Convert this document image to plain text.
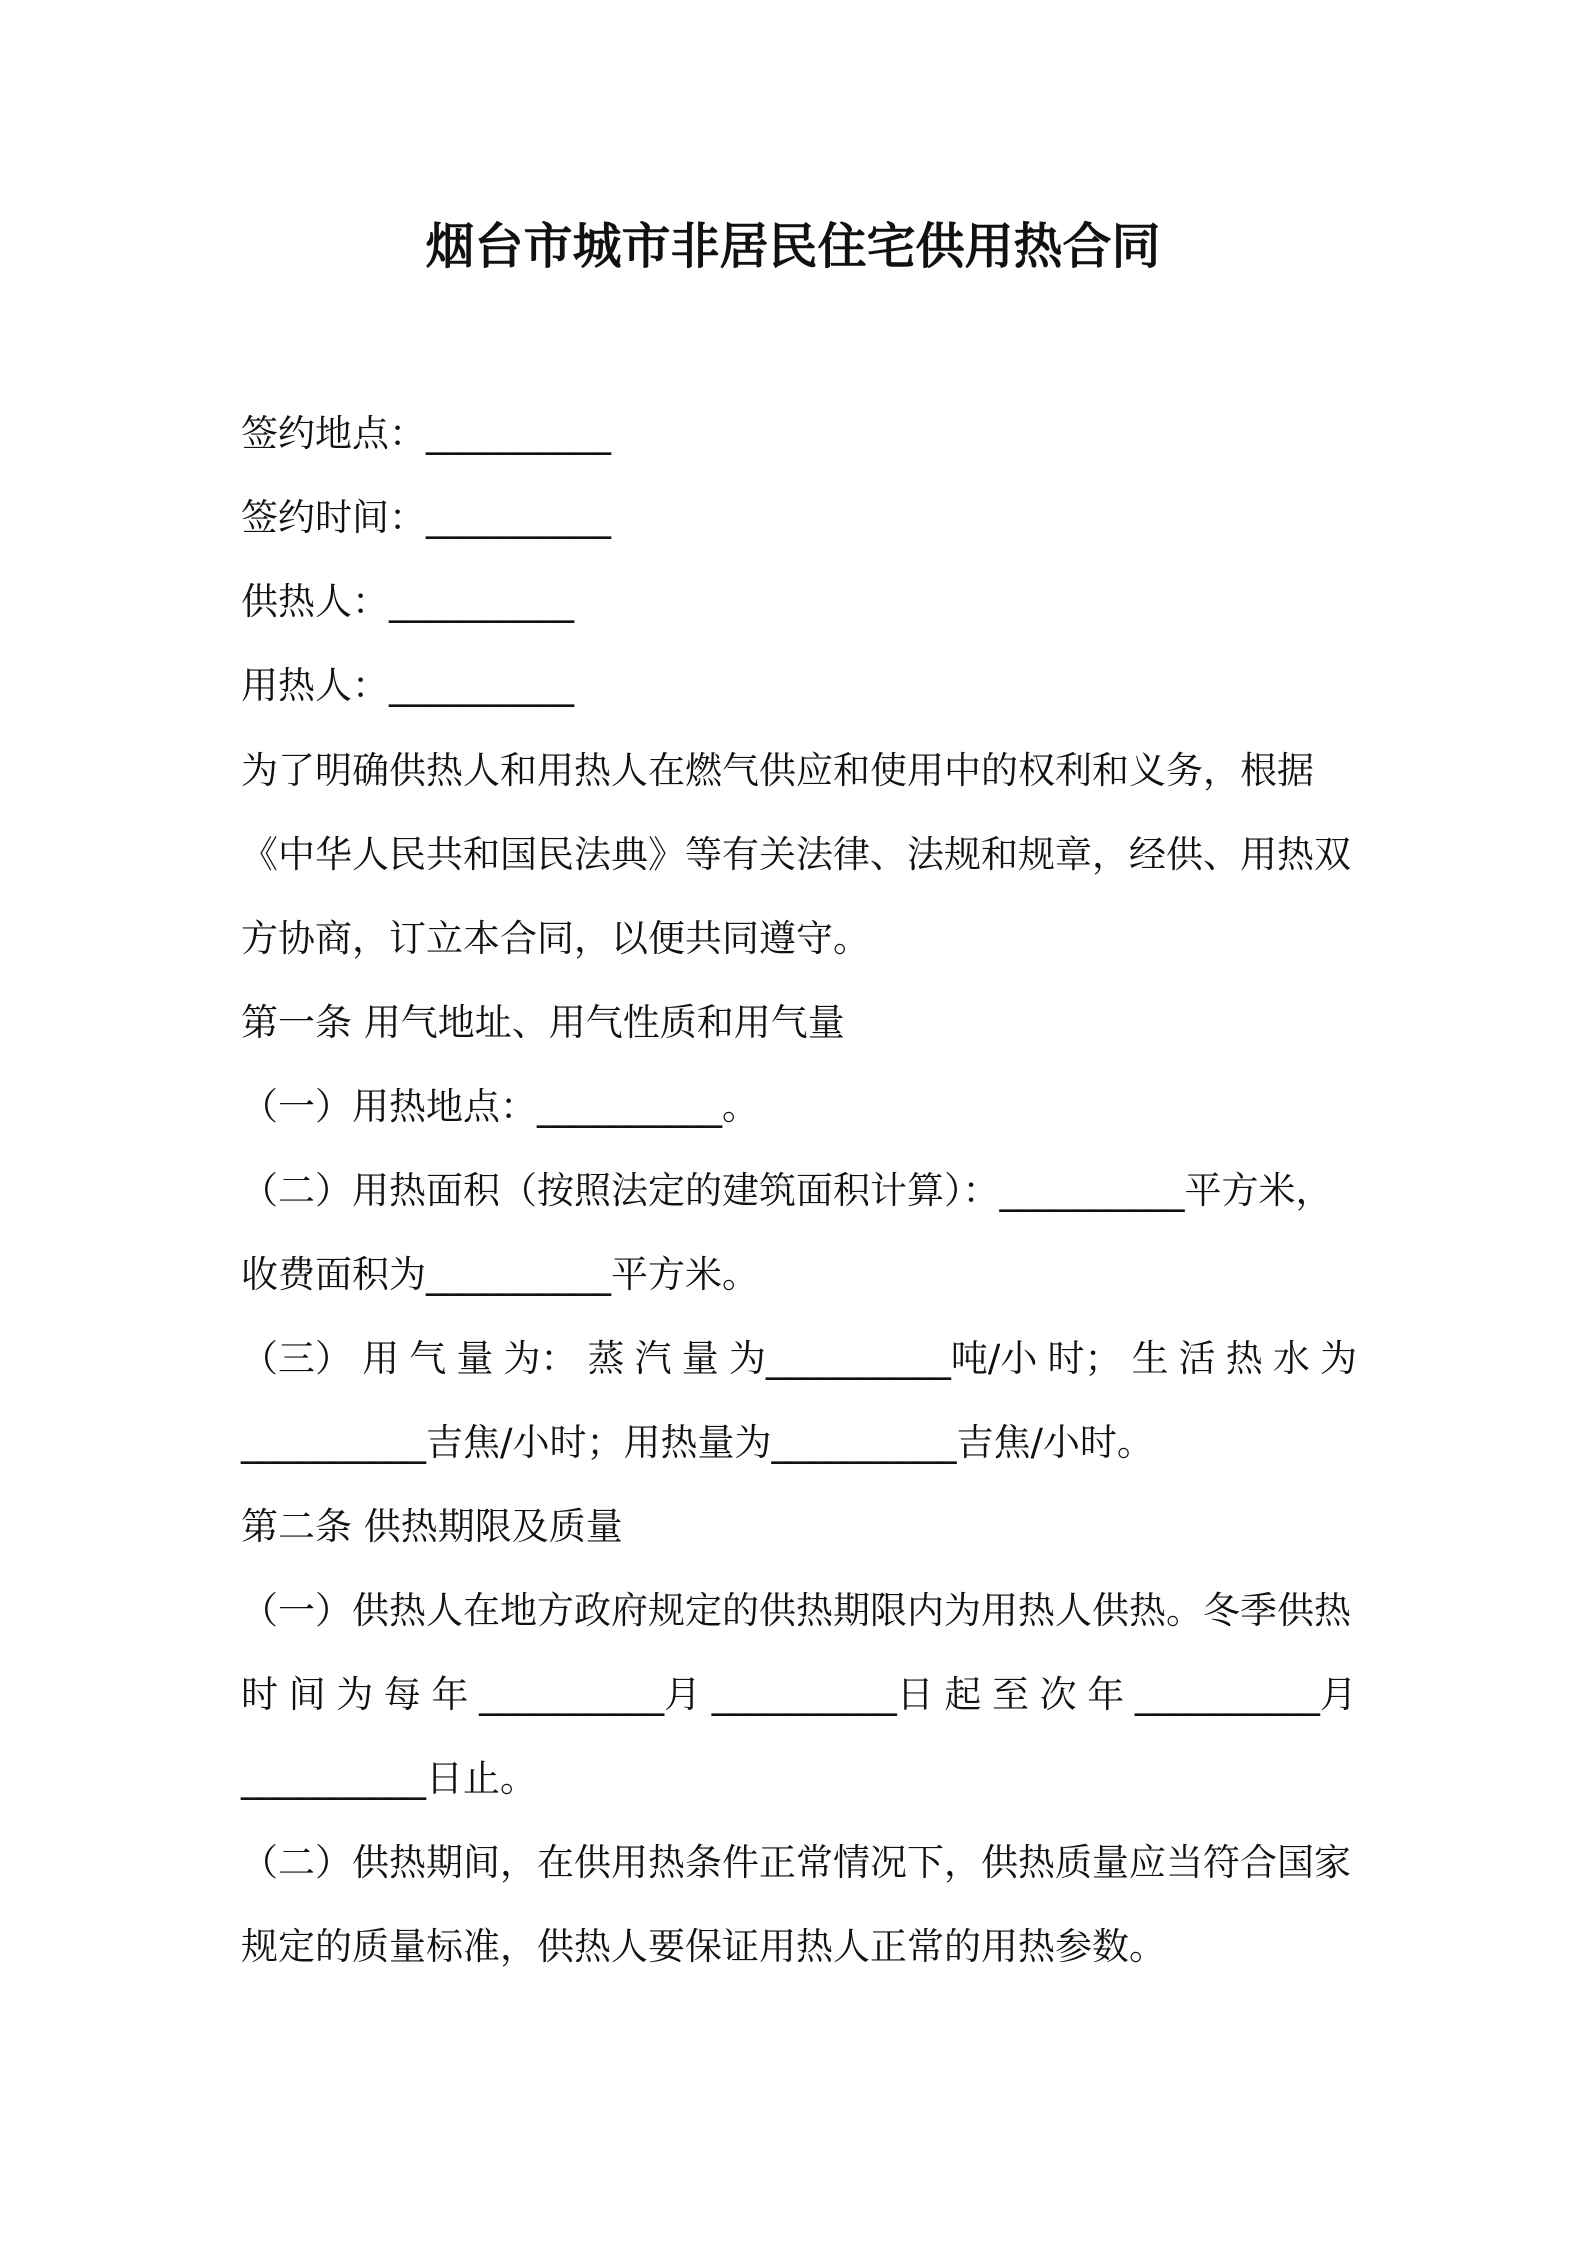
烟台市城市非居民住宅供用热合同
签约地点：__________
签约时间：__________
供热人：__________
用热人：__________
为了明确供热人和用热人在燃气供应和使用中的权利和义务，根据
《中华人民共和国民法典》等有关法律、法规和规章，经供、用热双
方协商，订立本合同，以便共同遵守。
第一条 用气地址、用气性质和用气量
（一）用热地点：__________。
（二）用热面积（按照法定的建筑面积计算）：__________平方米，
收费面积为__________平方米。
（三） 用 气 量 为： 蒸 汽 量 为__________吨/小 时； 生 活 热 水 为
__________吉焦/小时；用热量为__________吉焦/小时。
第二条 供热期限及质量
（一）供热人在地方政府规定的供热期限内为用热人供热。冬季供热
时 间 为 每 年 __________月 __________日 起 至 次 年 __________月
__________日止。
（二）供热期间，在供用热条件正常情况下，供热质量应当符合国家
规定的质量标准，供热人要保证用热人正常的用热参数。
